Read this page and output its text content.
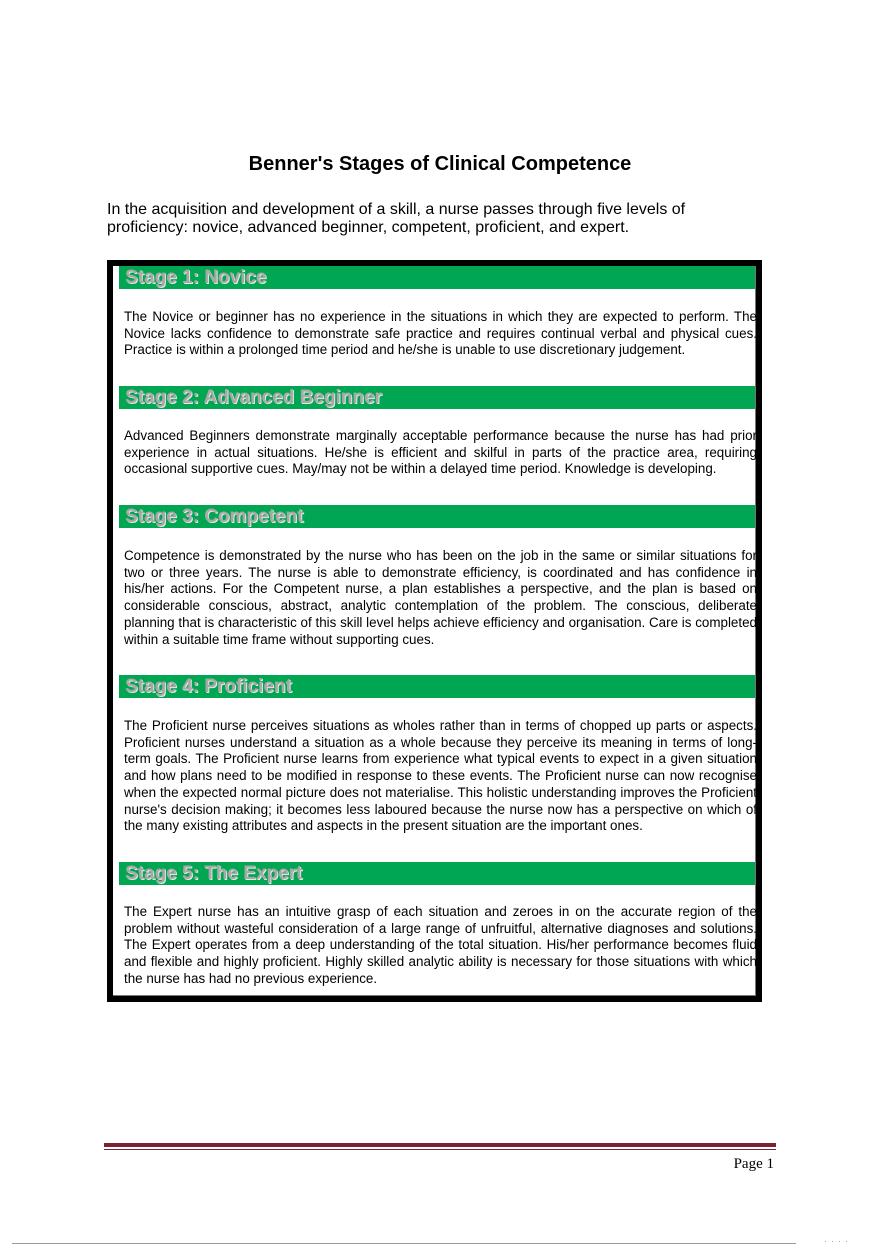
Benner's Stages of Clinical Competence
In the acquisition and development of a skill, a nurse passes through five levels of proficiency: novice, advanced beginner, competent, proficient, and expert.
Stage 1: Novice
The Novice or beginner has no experience in the situations in which they are expected to perform. The Novice lacks confidence to demonstrate safe practice and requires continual verbal and physical cues. Practice is within a prolonged time period and he/she is unable to use discretionary judgement.
Stage 2: Advanced Beginner
Advanced Beginners demonstrate marginally acceptable performance because the nurse has had prior experience in actual situations. He/she is efficient and skilful in parts of the practice area, requiring occasional supportive cues. May/may not be within a delayed time period. Knowledge is developing.
Stage 3: Competent
Competence is demonstrated by the nurse who has been on the job in the same or similar situations for two or three years. The nurse is able to demonstrate efficiency, is coordinated and has confidence in his/her actions. For the Competent nurse, a plan establishes a perspective, and the plan is based on considerable conscious, abstract, analytic contemplation of the problem. The conscious, deliberate planning that is characteristic of this skill level helps achieve efficiency and organisation. Care is completed within a suitable time frame without supporting cues.
Stage 4: Proficient
The Proficient nurse perceives situations as wholes rather than in terms of chopped up parts or aspects. Proficient nurses understand a situation as a whole because they perceive its meaning in terms of long-term goals. The Proficient nurse learns from experience what typical events to expect in a given situation and how plans need to be modified in response to these events. The Proficient nurse can now recognise when the expected normal picture does not materialise. This holistic understanding improves the Proficient nurse's decision making; it becomes less laboured because the nurse now has a perspective on which of the many existing attributes and aspects in the present situation are the important ones.
Stage 5: The Expert
The Expert nurse has an intuitive grasp of each situation and zeroes in on the accurate region of the problem without wasteful consideration of a large range of unfruitful, alternative diagnoses and solutions. The Expert operates from a deep understanding of the total situation. His/her performance becomes fluid and flexible and highly proficient. Highly skilled analytic ability is necessary for those situations with which the nurse has had no previous experience.
Page 1
····
